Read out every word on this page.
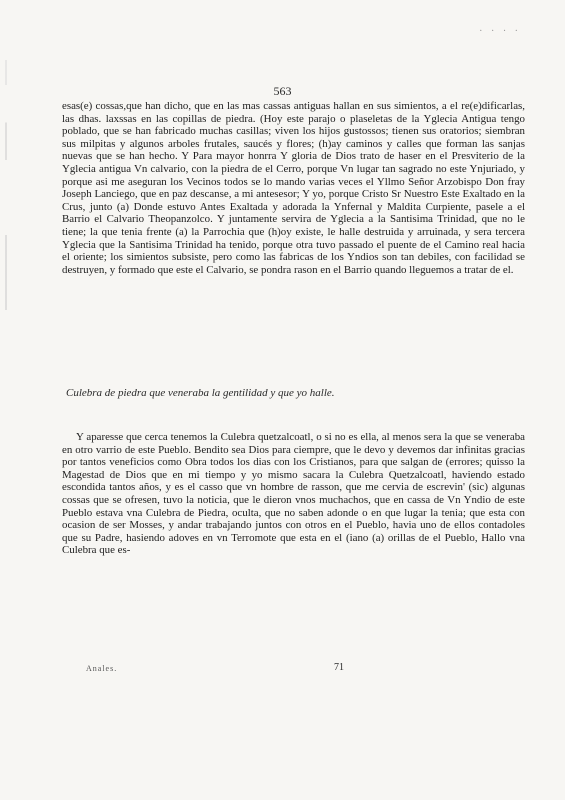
· · · ·
563

esas(e) cossas,que han dicho, que en las mas cassas antiguas hallan en sus simientos, a el re(e)dificarlas, las dhas. laxssas en las copillas de piedra. (Hoy este parajo o plaseletas de la Yglecia Antigua tengo poblado, que se han fabricado muchas casillas; viven los hijos gustossos; tienen sus oratorios; siembran sus milpitas y algunos arboles frutales, saucés y flores; (h)ay caminos y calles que forman las sanjas nuevas que se han hecho. Y Para mayor honrra Y gloria de Dios trato de haser en el Presviterio de la Yglecia antigua Vn calvario, con la piedra de el Cerro, porque Vn lugar tan sagrado no este Ynjuriado, y porque asi me aseguran los Vecinos todos se lo mando varias veces el Yllmo Señor Arzobispo Don fray Joseph Lanciego, que en paz descanse, a mi antesesor; Y yo, porque Cristo Sr Nuestro Este Exaltado en la Crus, junto (a) Donde estuvo Antes Exaltada y adorada la Ynfernal y Maldita Curpiente, pasele a el Barrio el Calvario Theopanzolco. Y juntamente servira de Yglecia a la Santisima Trinidad, que no le tiene; la que tenia frente (a) la Parrochia que (h)oy existe, le halle destruida y arruinada, y sera tercera Yglecia que la Santisima Trinidad ha tenido, porque otra tuvo passado el puente de el Camino real hacia el oriente; los simientos subsiste, pero como las fabricas de los Yndios son tan debiles, con facilidad se destruyen, y formado que este el Calvario, se pondra rason en el Barrio quando lleguemos a tratar de el.

Culebra de piedra que veneraba la gentilidad y que yo halle.

Y aparesse que cerca tenemos la Culebra quetzalcoatl, o si no es ella, al menos sera la que se veneraba en otro varrio de este Pueblo. Bendito sea Dios para ciempre, que le devo y devemos dar infinitas gracias por tantos veneficios como Obra todos los dias con los Cristianos, para que salgan de (errores; quisso la Magestad de Dios que en mi tiempo y yo mismo sacara la Culebra Quetzalcoatl, haviendo estado escondida tantos años, y es el casso que vn hombre de rasson, que me cervia de escrevin' (sic) algunas cossas que se ofresen, tuvo la noticia, que le dieron vnos muchachos, que en cassa de Vn Yndio de este Pueblo estava vna Culebra de Piedra, oculta, que no saben adonde o en que lugar la tenia; que esta con ocasion de ser Mosses, y andar trabajando juntos con otros en el Pueblo, havia uno de ellos contadoles que su Padre, hasiendo adoves en vn Terromote que esta en el (iano (a) orillas de el Pueblo, Hallo vna Culebra que es-

Anales.	71
